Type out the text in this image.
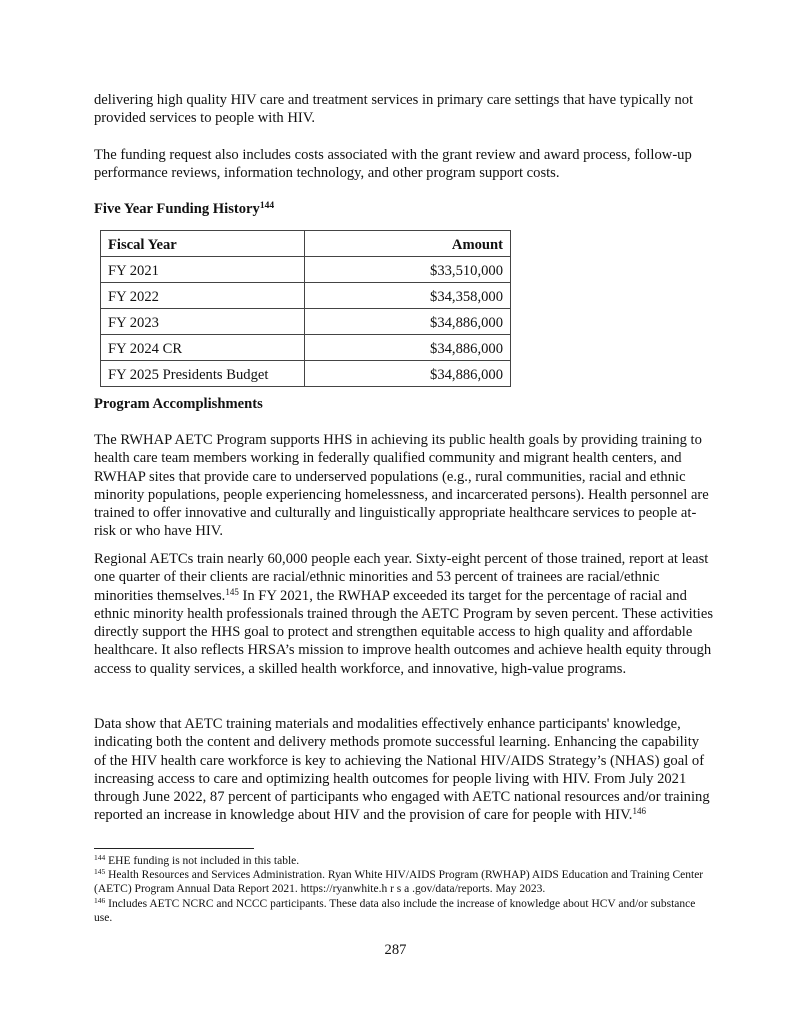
delivering high quality HIV care and treatment services in primary care settings that have typically not provided services to people with HIV.

The funding request also includes costs associated with the grant review and award process, follow-up performance reviews, information technology, and other program support costs.

Five Year Funding History$^{144}$
Fiscal Year	Amount
FY 2021	$33,510,000
FY 2022	$34,358,000
FY 2023	$34,886,000
FY 2024 CR	$34,886,000
FY 2025 Presidents Budget	$34,886,000
Program Accomplishments

The RWHAP AETC Program supports HHS in achieving its public health goals by providing training to health care team members working in federally qualified community and migrant health centers, and RWHAP sites that provide care to underserved populations (e.g., rural communities, racial and ethnic minority populations, people experiencing homelessness, and incarcerated persons). Health personnel are trained to offer innovative and culturally and linguistically appropriate healthcare services to people at-risk or who have HIV.

Regional AETCs train nearly 60,000 people each year. Sixty-eight percent of those trained, report at least one quarter of their clients are racial/ethnic minorities and 53 percent of trainees are racial/ethnic minorities themselves.$^{145}$ In FY 2021, the RWHAP exceeded its target for the percentage of racial and ethnic minority health professionals trained through the AETC Program by seven percent. These activities directly support the HHS goal to protect and strengthen equitable access to high quality and affordable healthcare. It also reflects HRSA’s mission to improve health outcomes and achieve health equity through access to quality services, a skilled health workforce, and innovative, high-value programs.

Data show that AETC training materials and modalities effectively enhance participants' knowledge, indicating both the content and delivery methods promote successful learning. Enhancing the capability of the HIV health care workforce is key to achieving the National HIV/AIDS Strategy’s (NHAS) goal of increasing access to care and optimizing health outcomes for people living with HIV. From July 2021 through June 2022, 87 percent of participants who engaged with AETC national resources and/or training reported an increase in knowledge about HIV and the provision of care for people with HIV.$^{146}$

$^{144}$ EHE funding is not included in this table.

$^{145}$ Health Resources and Services Administration. Ryan White HIV/AIDS Program (RWHAP) AIDS Education and Training Center (AETC) Program Annual Data Report 2021. https://ryanwhite.h r s a .gov/data/reports. May 2023.

$^{146}$ Includes AETC NCRC and NCCC participants. These data also include the increase of knowledge about HCV and/or substance use.

287
